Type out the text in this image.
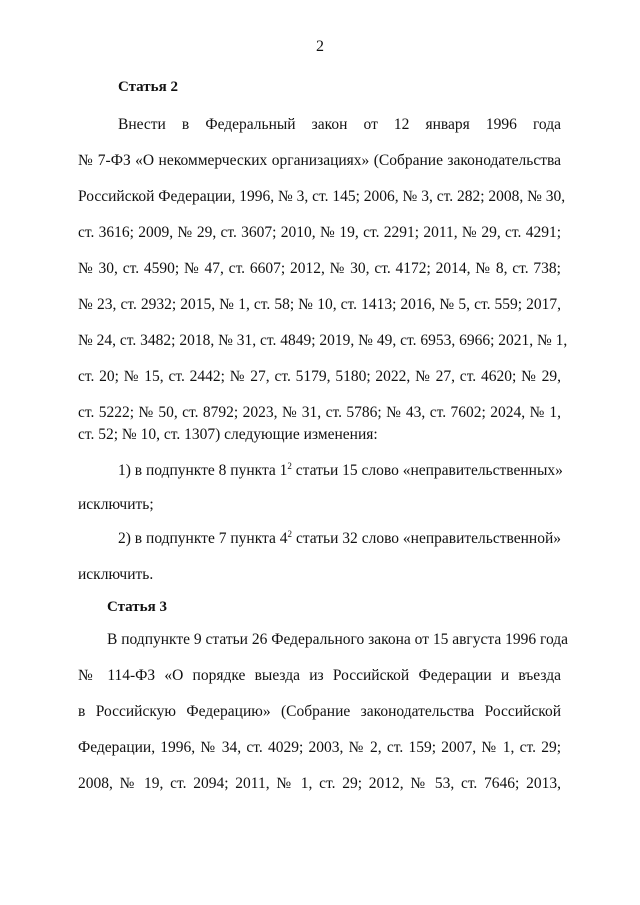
2
Статья 2
Внести в Федеральный закон от 12 января 1996 года
№ 7-ФЗ «О некоммерческих организациях» (Собрание законодательства
Российской Федерации, 1996, № 3, ст. 145; 2006, № 3, ст. 282; 2008, № 30,
ст. 3616; 2009, № 29, ст. 3607; 2010, № 19, ст. 2291; 2011, № 29, ст. 4291;
№ 30, ст. 4590; № 47, ст. 6607; 2012, № 30, ст. 4172; 2014, № 8, ст. 738;
№ 23, ст. 2932; 2015, № 1, ст. 58; № 10, ст. 1413; 2016, № 5, ст. 559; 2017,
№ 24, ст. 3482; 2018, № 31, ст. 4849; 2019, № 49, ст. 6953, 6966; 2021, № 1,
ст. 20; № 15, ст. 2442; № 27, ст. 5179, 5180; 2022, № 27, ст. 4620; № 29,
ст. 5222; № 50, ст. 8792; 2023, № 31, ст. 5786; № 43, ст. 7602; 2024, № 1,
ст. 52; № 10, ст. 1307) следующие изменения:
1) в подпункте 8 пункта $1^2$ статьи 15 слово «неправительственных»
исключить;
2) в подпункте 7 пункта $4^2$ статьи 32 слово «неправительственной»
исключить.
Статья 3
В подпункте 9 статьи 26 Федерального закона от 15 августа 1996 года
№ 114-ФЗ «О порядке выезда из Российской Федерации и въезда
в Российскую Федерацию» (Собрание законодательства Российской
Федерации, 1996, № 34, ст. 4029; 2003, № 2, ст. 159; 2007, № 1, ст. 29;
2008, № 19, ст. 2094; 2011, № 1, ст. 29; 2012, № 53, ст. 7646; 2013,
